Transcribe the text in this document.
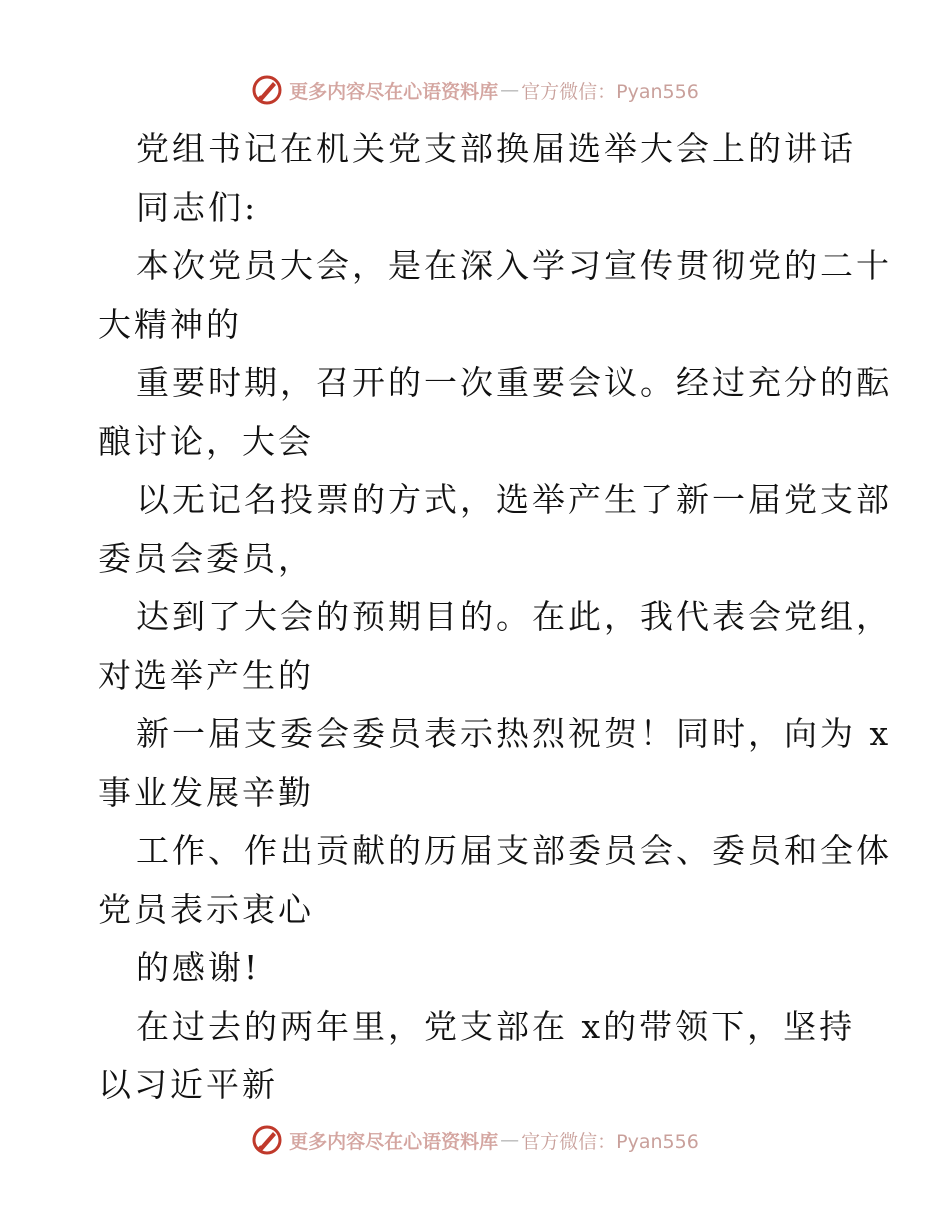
更多内容尽在心语资料库 — 官方微信：Pyan556
党组书记在机关党支部换届选举大会上的讲话
同志们:
本次党员大会，是在深入学习宣传贯彻党的二十
大精神的
重要时期，召开的一次重要会议。经过充分的酝
酿讨论，大会
以无记名投票的方式，选举产生了新一届党支部
委员会委员，
达到了大会的预期目的。在此，我代表会党组，
对选举产生的
新一届支委会委员表示热烈祝贺！同时，向为 x
事业发展辛勤
工作、作出贡献的历届支部委员会、委员和全体
党员表示衷心
的感谢!
在过去的两年里，党支部在 x的带领下，坚持
以习近平新
更多内容尽在心语资料库 — 官方微信：Pyan556
